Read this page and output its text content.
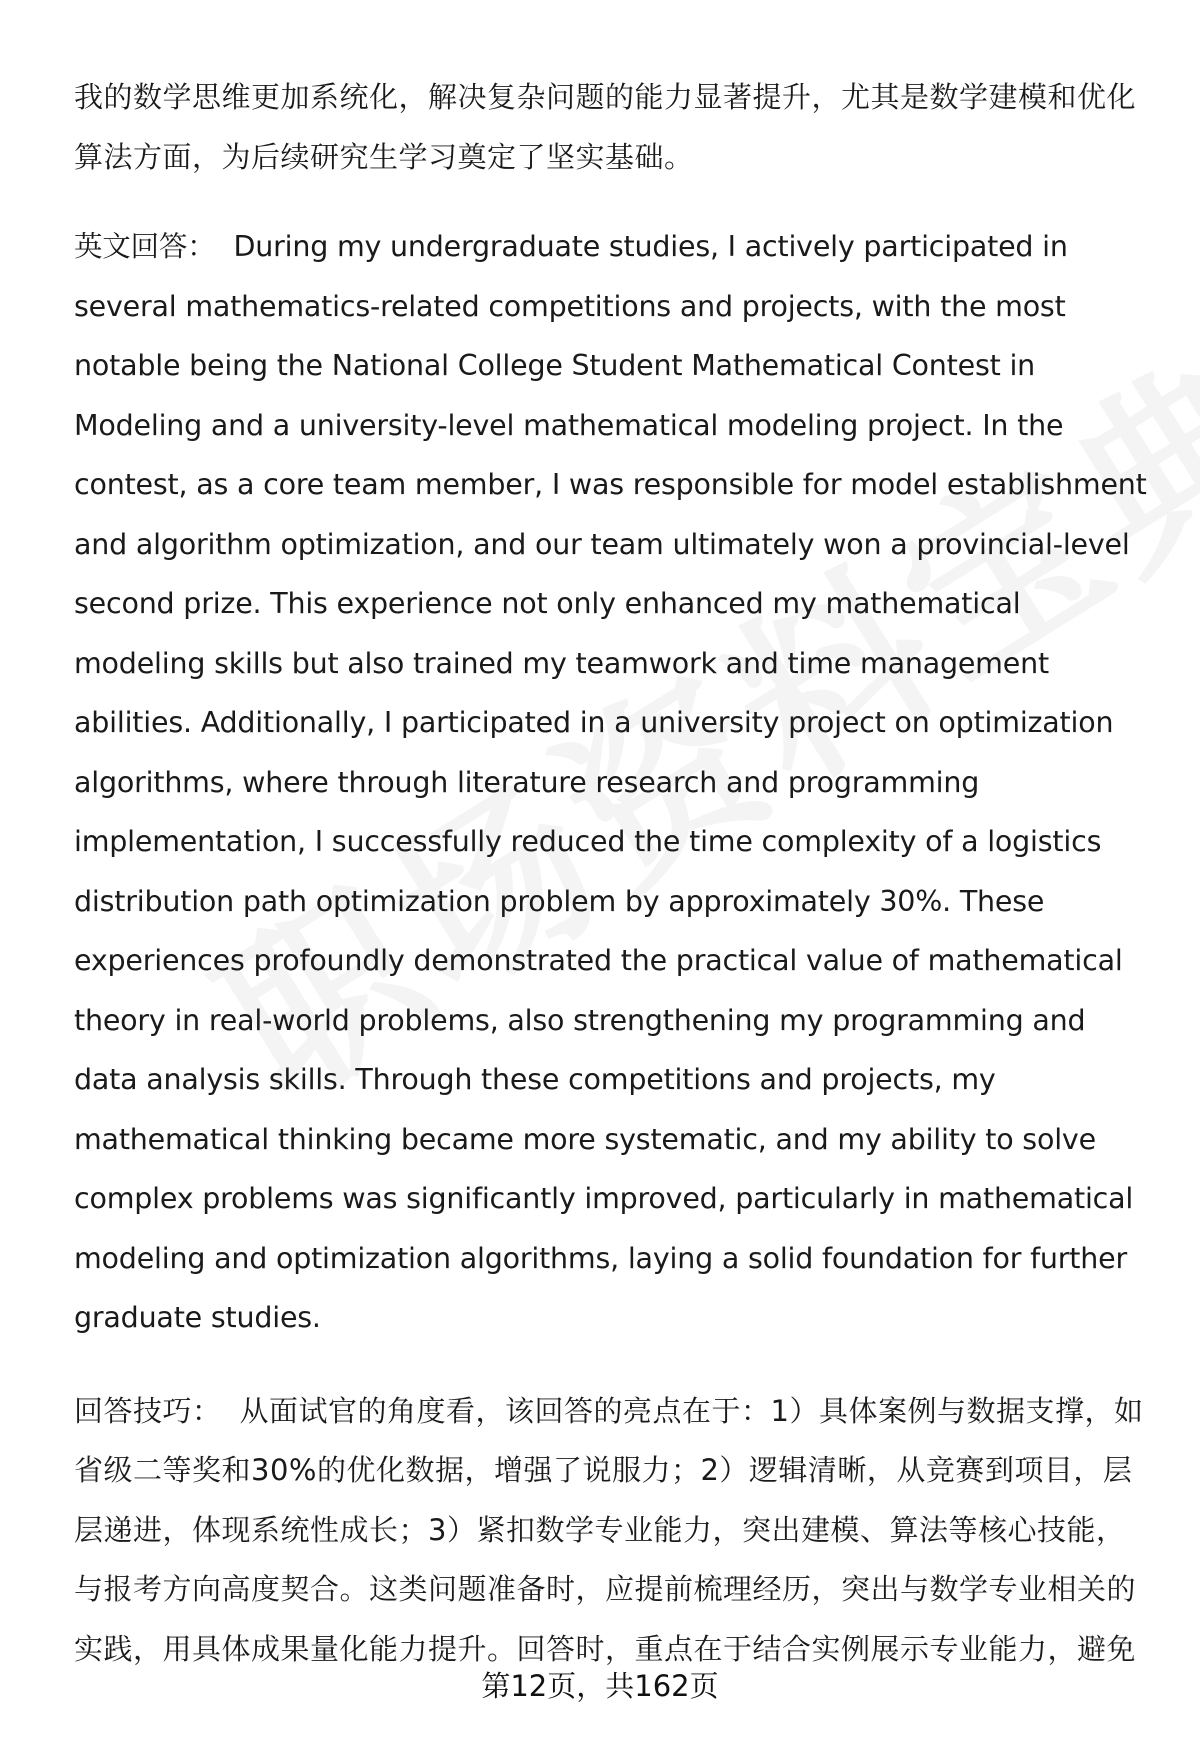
我的数学思维更加系统化，解决复杂问题的能力显著提升，尤其是数学建模和优化算法方面，为后续研究生学习奠定了坚实基础。

英文回答： During my undergraduate studies, I actively participated in several mathematics-related competitions and projects, with the most notable being the National College Student Mathematical Contest in Modeling and a university-level mathematical modeling project. In the contest, as a core team member, I was responsible for model establishment and algorithm optimization, and our team ultimately won a provincial-level second prize. This experience not only enhanced my mathematical modeling skills but also trained my teamwork and time management abilities. Additionally, I participated in a university project on optimization algorithms, where through literature research and programming implementation, I successfully reduced the time complexity of a logistics distribution path optimization problem by approximately 30%. These experiences profoundly demonstrated the practical value of mathematical theory in real-world problems, also strengthening my programming and data analysis skills. Through these competitions and projects, my mathematical thinking became more systematic, and my ability to solve complex problems was significantly improved, particularly in mathematical modeling and optimization algorithms, laying a solid foundation for further graduate studies.

回答技巧： 从面试官的角度看，该回答的亮点在于：1）具体案例与数据支撑，如省级二等奖和30%的优化数据，增强了说服力；2）逻辑清晰，从竞赛到项目，层层递进，体现系统性成长；3）紧扣数学专业能力，突出建模、算法等核心技能，与报考方向高度契合。这类问题准备时，应提前梳理经历，突出与数学专业相关的实践，用具体成果量化能力提升。回答时，重点在于结合实例展示专业能力，避免

第12页，共162页
